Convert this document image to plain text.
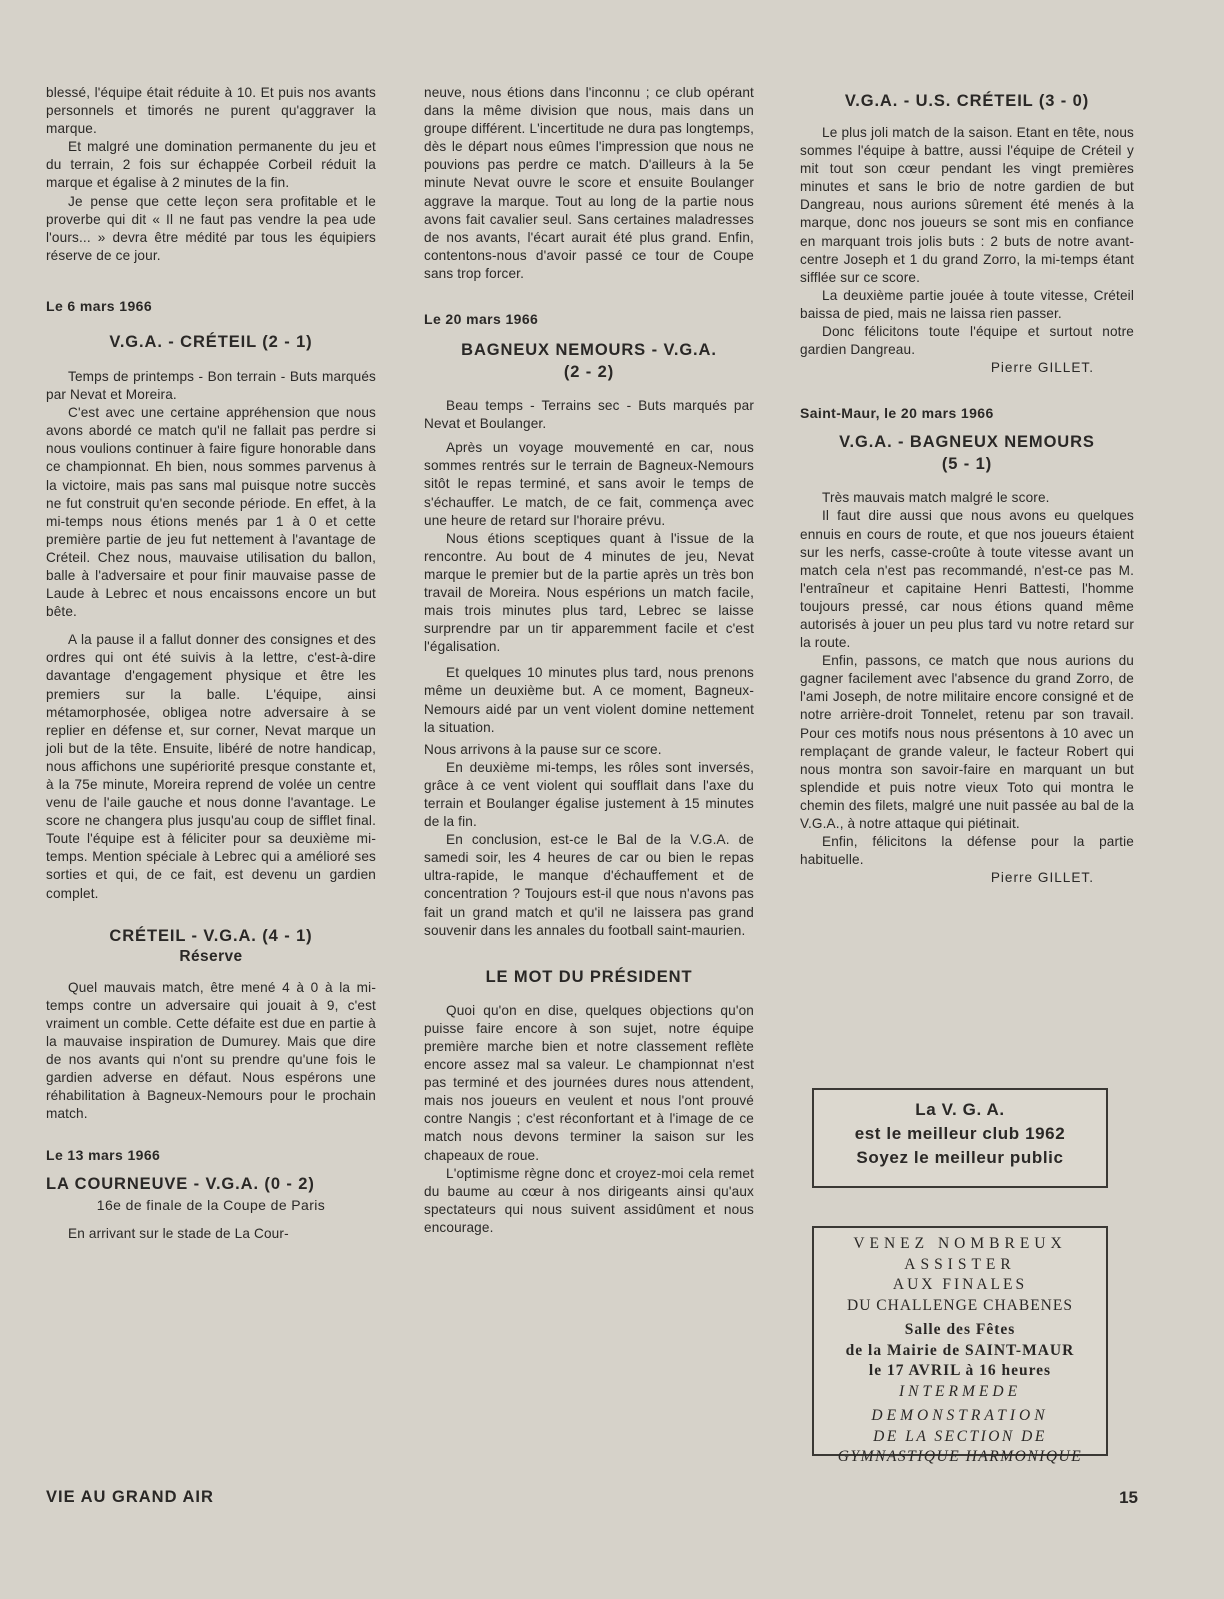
blessé, l'équipe était réduite à 10. Et puis nos avants personnels et timorés ne purent qu'aggraver la marque.

Et malgré une domination permanente du jeu et du terrain, 2 fois sur échappée Corbeil réduit la marque et égalise à 2 minutes de la fin.

Je pense que cette leçon sera profitable et le proverbe qui dit « Il ne faut pas vendre la pea ude l'ours... » devra être médité par tous les équipiers réserve de ce jour.

Le 6 mars 1966
V.G.A. - CRÉTEIL (2 - 1)

Temps de printemps - Bon terrain - Buts marqués par Nevat et Moreira.

C'est avec une certaine appréhension que nous avons abordé ce match qu'il ne fallait pas perdre si nous voulions continuer à faire figure honorable dans ce championnat. Eh bien, nous sommes parvenus à la victoire, mais pas sans mal puisque notre succès ne fut construit qu'en seconde période. En effet, à la mi-temps nous étions menés par 1 à 0 et cette première partie de jeu fut nettement à l'avantage de Créteil. Chez nous, mauvaise utilisation du ballon, balle à l'adversaire et pour finir mauvaise passe de Laude à Lebrec et nous encaissons encore un but bête.

A la pause il a fallut donner des consignes et des ordres qui ont été suivis à la lettre, c'est-à-dire davantage d'engagement physique et être les premiers sur la balle. L'équipe, ainsi métamorphosée, obligea notre adversaire à se replier en défense et, sur corner, Nevat marque un joli but de la tête. Ensuite, libéré de notre handicap, nous affichons une supériorité presque constante et, à la 75e minute, Moreira reprend de volée un centre venu de l'aile gauche et nous donne l'avantage. Le score ne changera plus jusqu'au coup de sifflet final. Toute l'équipe est à féliciter pour sa deuxième mi-temps. Mention spéciale à Lebrec qui a amélioré ses sorties et qui, de ce fait, est devenu un gardien complet.

CRÉTEIL - V.G.A. (4 - 1)
Réserve

Quel mauvais match, être mené 4 à 0 à la mi-temps contre un adversaire qui jouait à 9, c'est vraiment un comble. Cette défaite est due en partie à la mauvaise inspiration de Dumurey. Mais que dire de nos avants qui n'ont su prendre qu'une fois le gardien adverse en défaut. Nous espérons une réhabilitation à Bagneux-Nemours pour le prochain match.

Le 13 mars 1966
LA COURNEUVE - V.G.A. (0 - 2)
16e de finale de la Coupe de Paris

En arrivant sur le stade de La Cour-

neuve, nous étions dans l'inconnu ; ce club opérant dans la même division que nous, mais dans un groupe différent. L'incertitude ne dura pas longtemps, dès le départ nous eûmes l'impression que nous ne pouvions pas perdre ce match. D'ailleurs à la 5e minute Nevat ouvre le score et ensuite Boulanger aggrave la marque. Tout au long de la partie nous avons fait cavalier seul. Sans certaines maladresses de nos avants, l'écart aurait été plus grand. Enfin, contentons-nous d'avoir passé ce tour de Coupe sans trop forcer.

Le 20 mars 1966
BAGNEUX NEMOURS - V.G.A.
(2 - 2)

Beau temps - Terrains sec - Buts marqués par Nevat et Boulanger.

Après un voyage mouvementé en car, nous sommes rentrés sur le terrain de Bagneux-Nemours sitôt le repas terminé, et sans avoir le temps de s'échauffer. Le match, de ce fait, commença avec une heure de retard sur l'horaire prévu.

Nous étions sceptiques quant à l'issue de la rencontre. Au bout de 4 minutes de jeu, Nevat marque le premier but de la partie après un très bon travail de Moreira. Nous espérions un match facile, mais trois minutes plus tard, Lebrec se laisse surprendre par un tir apparemment facile et c'est l'égalisation.

Et quelques 10 minutes plus tard, nous prenons même un deuxième but. A ce moment, Bagneux-Nemours aidé par un vent violent domine nettement la situation.

Nous arrivons à la pause sur ce score.

En deuxième mi-temps, les rôles sont inversés, grâce à ce vent violent qui soufflait dans l'axe du terrain et Boulanger égalise justement à 15 minutes de la fin.

En conclusion, est-ce le Bal de la V.G.A. de samedi soir, les 4 heures de car ou bien le repas ultra-rapide, le manque d'échauffement et de concentration ? Toujours est-il que nous n'avons pas fait un grand match et qu'il ne laissera pas grand souvenir dans les annales du football saint-maurien.

LE MOT DU PRÉSIDENT

Quoi qu'on en dise, quelques objections qu'on puisse faire encore à son sujet, notre équipe première marche bien et notre classement reflète encore assez mal sa valeur. Le championnat n'est pas terminé et des journées dures nous attendent, mais nos joueurs en veulent et nous l'ont prouvé contre Nangis ; c'est réconfortant et à l'image de ce match nous devons terminer la saison sur les chapeaux de roue.

L'optimisme règne donc et croyez-moi cela remet du baume au cœur à nos dirigeants ainsi qu'aux spectateurs qui nous suivent assidûment et nous encourage.

V.G.A. - U.S. CRÉTEIL (3 - 0)

Le plus joli match de la saison. Etant en tête, nous sommes l'équipe à battre, aussi l'équipe de Créteil y mit tout son cœur pendant les vingt premières minutes et sans le brio de notre gardien de but Dangreau, nous aurions sûrement été menés à la marque, donc nos joueurs se sont mis en confiance en marquant trois jolis buts : 2 buts de notre avant-centre Joseph et 1 du grand Zorro, la mi-temps étant sifflée sur ce score.

La deuxième partie jouée à toute vitesse, Créteil baissa de pied, mais ne laissa rien passer.

Donc félicitons toute l'équipe et surtout notre gardien Dangreau.

Pierre GILLET.
Saint-Maur, le 20 mars 1966
V.G.A. - BAGNEUX NEMOURS
(5 - 1)

Très mauvais match malgré le score.

Il faut dire aussi que nous avons eu quelques ennuis en cours de route, et que nos joueurs étaient sur les nerfs, casse-croûte à toute vitesse avant un match cela n'est pas recommandé, n'est-ce pas M. l'entraîneur et capitaine Henri Battesti, l'homme toujours pressé, car nous étions quand même autorisés à jouer un peu plus tard vu notre retard sur la route.

Enfin, passons, ce match que nous aurions du gagner facilement avec l'absence du grand Zorro, de l'ami Joseph, de notre militaire encore consigné et de notre arrière-droit Tonnelet, retenu par son travail. Pour ces motifs nous nous présentons à 10 avec un remplaçant de grande valeur, le facteur Robert qui nous montra son savoir-faire en marquant un but splendide et puis notre vieux Toto qui montra le chemin des filets, malgré une nuit passée au bal de la V.G.A., à notre attaque qui piétinait.

Enfin, félicitons la défense pour la partie habituelle.

Pierre GILLET.
La V. G. A.
est le meilleur club 1962
Soyez le meilleur public
VENEZ NOMBREUX
ASSISTER
AUX FINALES
DU CHALLENGE CHABENES
Salle des Fêtes
de la Mairie de SAINT-MAUR
le 17 AVRIL à 16 heures
INTERMEDE
DEMONSTRATION
DE LA SECTION DE
GYMNASTIQUE HARMONIQUE
VIE AU GRAND AIR	15
